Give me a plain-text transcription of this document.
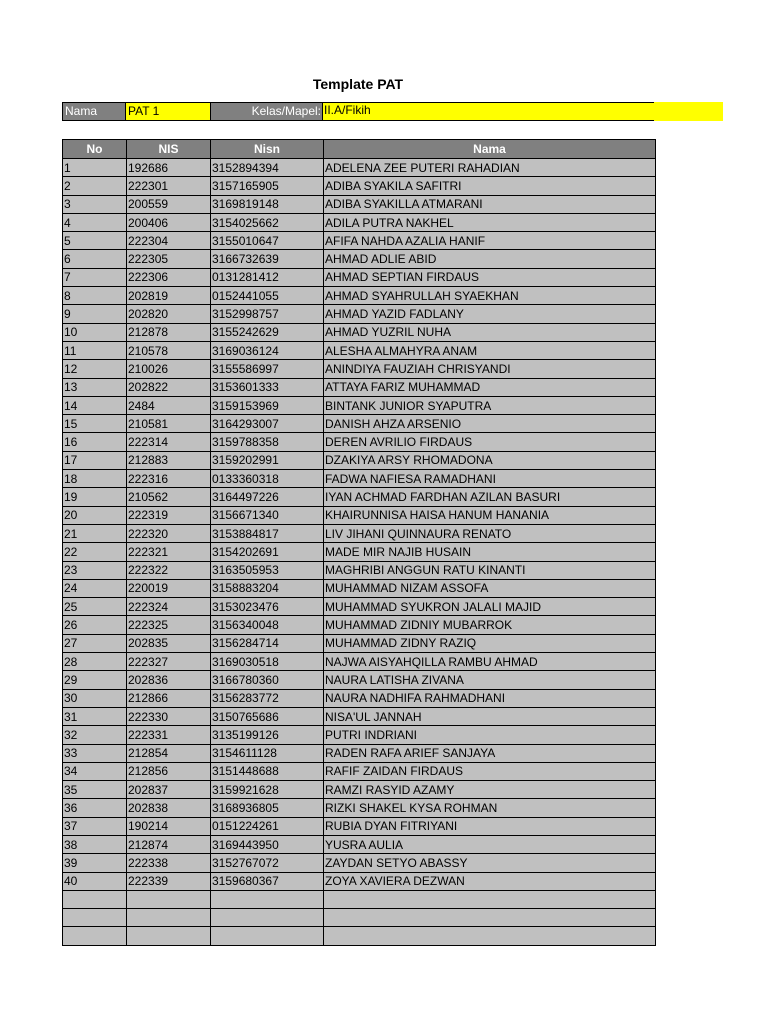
Template PAT
Nama	PAT 1	Kelas/Mapel: II.A/Fikih
No	NIS	Nisn	Nama
1	192686	3152894394	ADELENA ZEE PUTERI RAHADIAN
2	222301	3157165905	ADIBA SYAKILA SAFITRI
3	200559	3169819148	ADIBA SYAKILLA ATMARANI
4	200406	3154025662	ADILA PUTRA NAKHEL
5	222304	3155010647	AFIFA NAHDA AZALIA HANIF
6	222305	3166732639	AHMAD ADLIE ABID
7	222306	0131281412	AHMAD SEPTIAN FIRDAUS
8	202819	0152441055	AHMAD SYAHRULLAH SYAEKHAN
9	202820	3152998757	AHMAD YAZID FADLANY
10	212878	3155242629	AHMAD YUZRIL NUHA
11	210578	3169036124	ALESHA ALMAHYRA ANAM
12	210026	3155586997	ANINDIYA FAUZIAH CHRISYANDI
13	202822	3153601333	ATTAYA FARIZ MUHAMMAD
14	2484	3159153969	BINTANK JUNIOR SYAPUTRA
15	210581	3164293007	DANISH AHZA ARSENIO
16	222314	3159788358	DEREN AVRILIO FIRDAUS
17	212883	3159202991	DZAKIYA ARSY RHOMADONA
18	222316	0133360318	FADWA NAFIESA RAMADHANI
19	210562	3164497226	IYAN ACHMAD FARDHAN AZILAN BASURI
20	222319	3156671340	KHAIRUNNISA HAISA HANUM HANANIA
21	222320	3153884817	LIV JIHANI QUINNAURA RENATO
22	222321	3154202691	MADE MIR NAJIB HUSAIN
23	222322	3163505953	MAGHRIBI ANGGUN RATU KINANTI
24	220019	3158883204	MUHAMMAD NIZAM ASSOFA
25	222324	3153023476	MUHAMMAD SYUKRON JALALI MAJID
26	222325	3156340048	MUHAMMAD ZIDNIY MUBARROK
27	202835	3156284714	MUHAMMAD ZIDNY RAZIQ
28	222327	3169030518	NAJWA AISYAHQILLA RAMBU AHMAD
29	202836	3166780360	NAURA LATISHA ZIVANA
30	212866	3156283772	NAURA NADHIFA RAHMADHANI
31	222330	3150765686	NISA'UL JANNAH
32	222331	3135199126	PUTRI INDRIANI
33	212854	3154611128	RADEN RAFA ARIEF SANJAYA
34	212856	3151448688	RAFIF ZAIDAN FIRDAUS
35	202837	3159921628	RAMZI RASYID AZAMY
36	202838	3168936805	RIZKI SHAKEL KYSA ROHMAN
37	190214	0151224261	RUBIA DYAN FITRIYANI
38	212874	3169443950	YUSRA AULIA
39	222338	3152767072	ZAYDAN SETYO ABASSY
40	222339	3159680367	ZOYA XAVIERA DEZWAN
